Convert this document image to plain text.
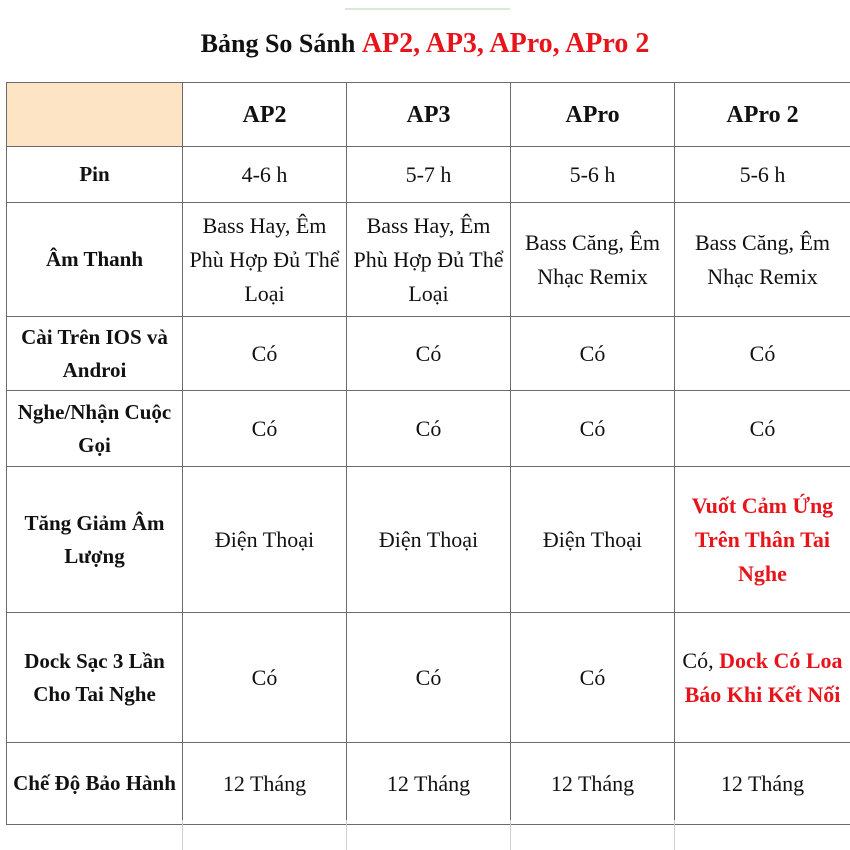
Bảng So Sánh AP2, AP3, APro, APro 2
	AP2	AP3	APro	APro 2
Pin	4-6 h	5-7 h	5-6 h	5-6 h
Âm Thanh	Bass Hay, Êm Phù Hợp Đủ Thể Loại	Bass Hay, Êm Phù Hợp Đủ Thể Loại	Bass Căng, Êm Nhạc Remix	Bass Căng, Êm Nhạc Remix
Cài Trên IOS và Androi	Có	Có	Có	Có
Nghe/Nhận Cuộc Gọi	Có	Có	Có	Có
Tăng Giảm Âm Lượng	Điện Thoại	Điện Thoại	Điện Thoại	Vuốt Cảm Ứng Trên Thân Tai Nghe
Dock Sạc 3 Lần Cho Tai Nghe	Có	Có	Có	Có, Dock Có Loa Báo Khi Kết Nối
Chế Độ Bảo Hành	12 Tháng	12 Tháng	12 Tháng	12 Tháng
